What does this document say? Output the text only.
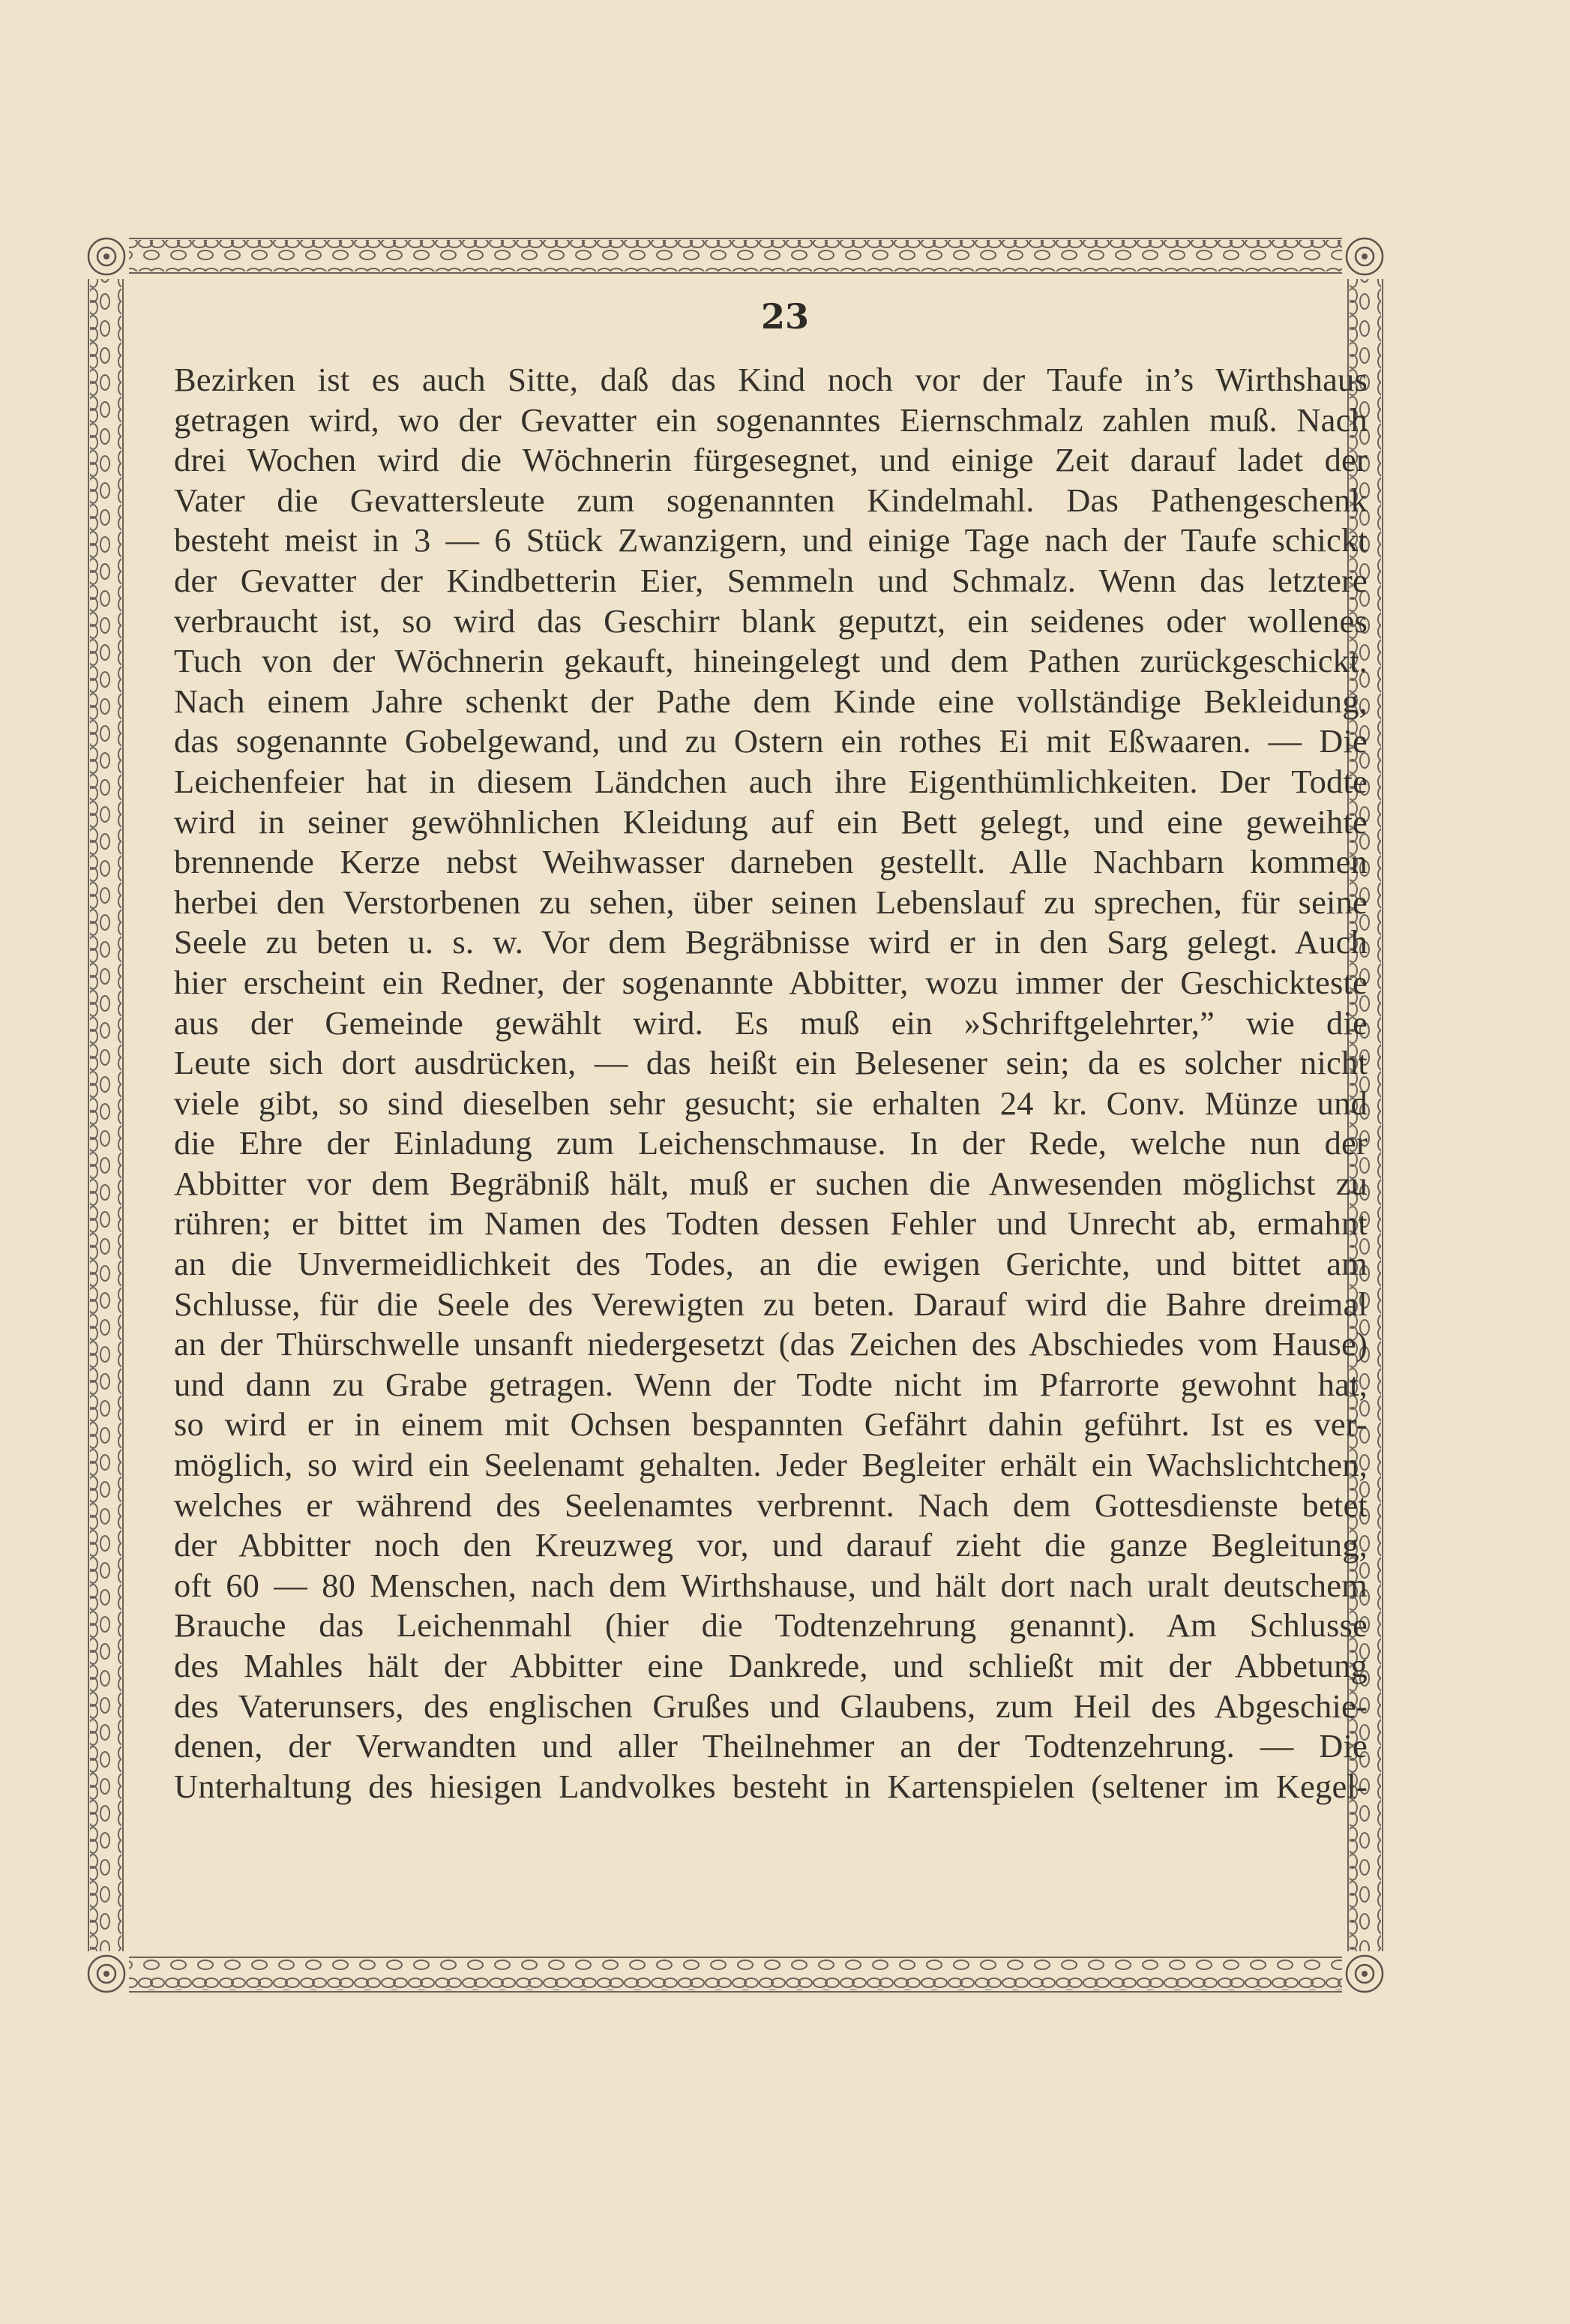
23
Bezirken ist es auch Sitte, daß das Kind noch vor der Taufe in’s Wirthshaus
getragen wird, wo der Gevatter ein sogenanntes Eiernschmalz zahlen muß. Nach
drei Wochen wird die Wöchnerin fürgesegnet, und einige Zeit darauf ladet der
Vater die Gevattersleute zum sogenannten Kindelmahl. Das Pathengeschenk
besteht meist in 3 — 6 Stück Zwanzigern, und einige Tage nach der Taufe schickt
der Gevatter der Kindbetterin Eier, Semmeln und Schmalz. Wenn das letztere
verbraucht ist, so wird das Geschirr blank geputzt, ein seidenes oder wollenes
Tuch von der Wöchnerin gekauft, hineingelegt und dem Pathen zurückgeschickt.
Nach einem Jahre schenkt der Pathe dem Kinde eine vollständige Bekleidung,
das sogenannte Gobelgewand, und zu Ostern ein rothes Ei mit Eßwaaren. — Die
Leichenfeier hat in diesem Ländchen auch ihre Eigenthümlichkeiten. Der Todte
wird in seiner gewöhnlichen Kleidung auf ein Bett gelegt, und eine geweihte
brennende Kerze nebst Weihwasser darneben gestellt. Alle Nachbarn kommen
herbei den Verstorbenen zu sehen, über seinen Lebenslauf zu sprechen, für seine
Seele zu beten u. s. w. Vor dem Begräbnisse wird er in den Sarg gelegt. Auch
hier erscheint ein Redner, der sogenannte Abbitter, wozu immer der Geschickteste
aus der Gemeinde gewählt wird. Es muß ein »Schriftgelehrter,” wie die
Leute sich dort ausdrücken, — das heißt ein Belesener sein; da es solcher nicht
viele gibt, so sind dieselben sehr gesucht; sie erhalten 24 kr. Conv. Münze und
die Ehre der Einladung zum Leichenschmause. In der Rede, welche nun der
Abbitter vor dem Begräbniß hält, muß er suchen die Anwesenden möglichst zu
rühren; er bittet im Namen des Todten dessen Fehler und Unrecht ab, ermahnt
an die Unvermeidlichkeit des Todes, an die ewigen Gerichte, und bittet am
Schlusse, für die Seele des Verewigten zu beten. Darauf wird die Bahre dreimal
an der Thürschwelle unsanft niedergesetzt (das Zeichen des Abschiedes vom Hause)
und dann zu Grabe getragen. Wenn der Todte nicht im Pfarrorte gewohnt hat,
so wird er in einem mit Ochsen bespannten Gefährt dahin geführt. Ist es ver-
möglich, so wird ein Seelenamt gehalten. Jeder Begleiter erhält ein Wachslichtchen,
welches er während des Seelenamtes verbrennt. Nach dem Gottesdienste betet
der Abbitter noch den Kreuzweg vor, und darauf zieht die ganze Begleitung,
oft 60 — 80 Menschen, nach dem Wirthshause, und hält dort nach uralt deutschem
Brauche das Leichenmahl (hier die Todtenzehrung genannt). Am Schlusse
des Mahles hält der Abbitter eine Dankrede, und schließt mit der Abbetung
des Vaterunsers, des englischen Grußes und Glaubens, zum Heil des Abgeschie-
denen, der Verwandten und aller Theilnehmer an der Todtenzehrung. — Die
Unterhaltung des hiesigen Landvolkes besteht in Kartenspielen (seltener im Kegel-
